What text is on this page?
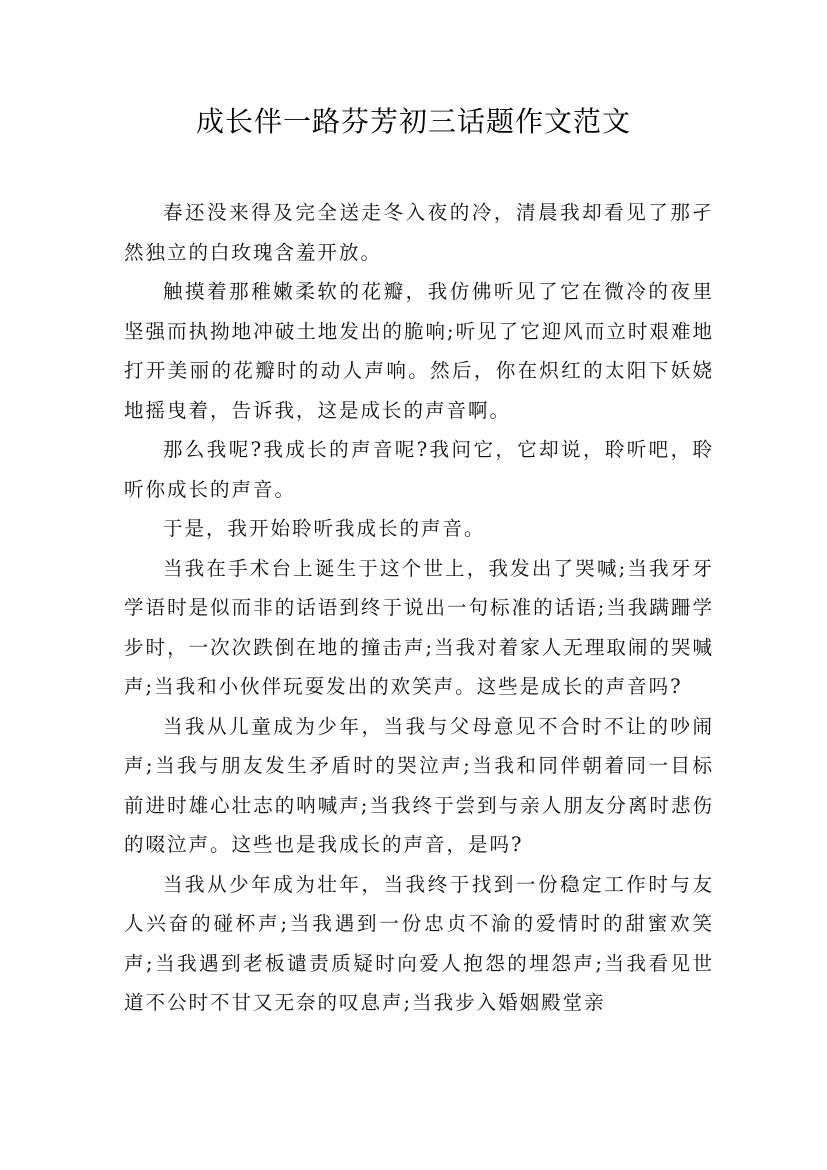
成长伴一路芬芳初三话题作文范文

春还没来得及完全送走冬入夜的冷，清晨我却看见了那孑然独立的白玫瑰含羞开放。

触摸着那稚嫩柔软的花瓣，我仿佛听见了它在微冷的夜里坚强而执拗地冲破土地发出的脆响;听见了它迎风而立时艰难地打开美丽的花瓣时的动人声响。然后，你在炽红的太阳下妖娆地摇曳着，告诉我，这是成长的声音啊。

那么我呢?我成长的声音呢?我问它，它却说，聆听吧，聆听你成长的声音。

于是，我开始聆听我成长的声音。

当我在手术台上诞生于这个世上，我发出了哭喊;当我牙牙学语时是似而非的话语到终于说出一句标准的话语;当我蹒跚学步时，一次次跌倒在地的撞击声;当我对着家人无理取闹的哭喊声;当我和小伙伴玩耍发出的欢笑声。这些是成长的声音吗?

当我从儿童成为少年，当我与父母意见不合时不让的吵闹声;当我与朋友发生矛盾时的哭泣声;当我和同伴朝着同一目标前进时雄心壮志的呐喊声;当我终于尝到与亲人朋友分离时悲伤的啜泣声。这些也是我成长的声音，是吗?

当我从少年成为壮年，当我终于找到一份稳定工作时与友人兴奋的碰杯声;当我遇到一份忠贞不渝的爱情时的甜蜜欢笑声;当我遇到老板谴责质疑时向爱人抱怨的埋怨声;当我看见世道不公时不甘又无奈的叹息声;当我步入婚姻殿堂亲
